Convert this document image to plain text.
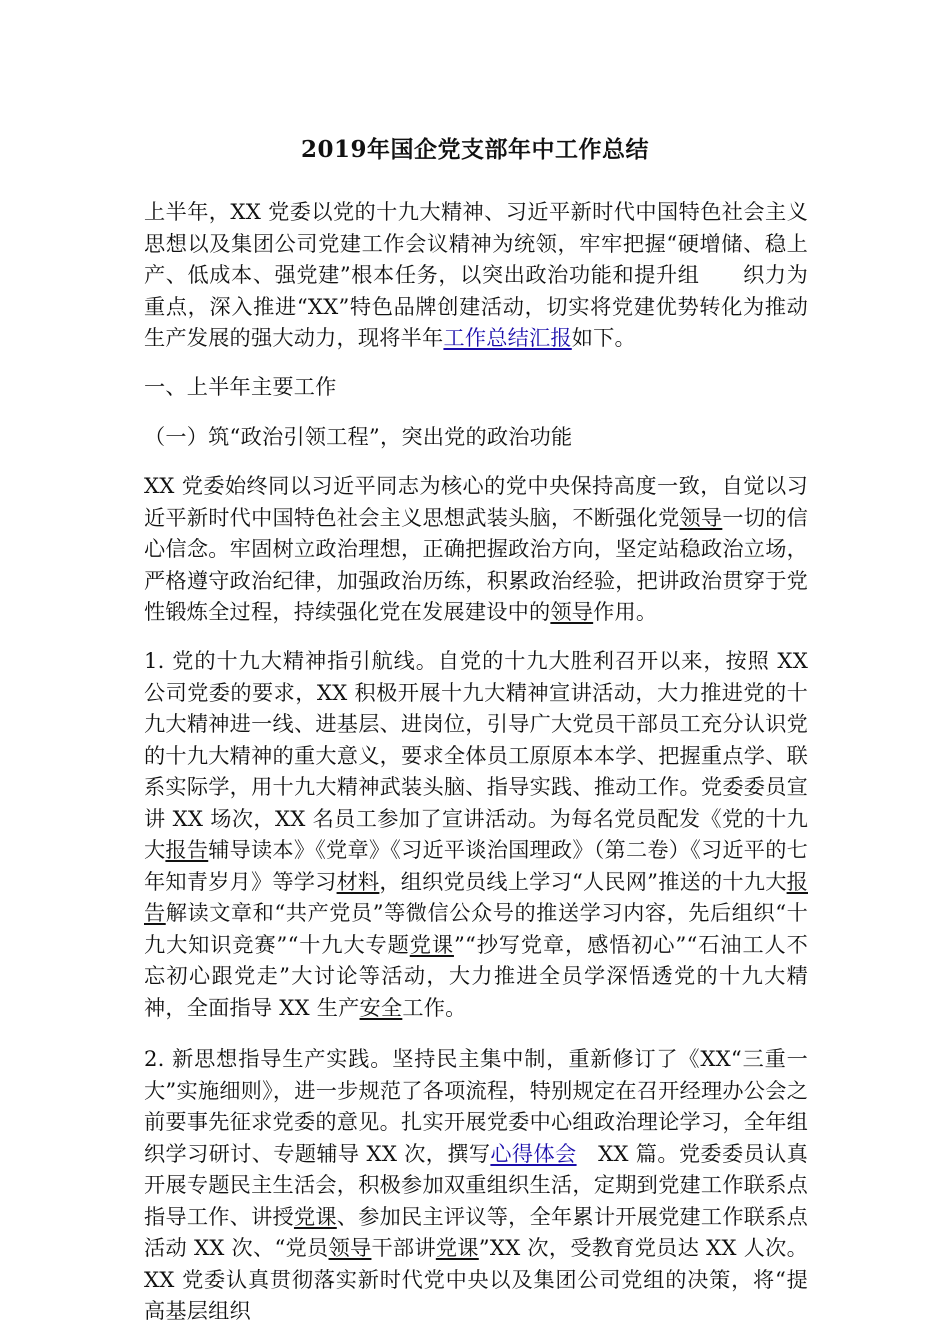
2019年国企党支部年中工作总结

上半年，XX 党委以党的十九大精神、习近平新时代中国特色社会主义思想以及集团公司党建工作会议精神为统领，牢牢把握“硬增储、稳上产、低成本、强党建”根本任务，以突出政治功能和提升组　　织力为重点，深入推进“XX”特色品牌创建活动，切实将党建优势转化为推动生产发展的强大动力，现将半年工作总结汇报如下。

一、上半年主要工作

（一）筑“政治引领工程”，突出党的政治功能

XX 党委始终同以习近平同志为核心的党中央保持高度一致，自觉以习近平新时代中国特色社会主义思想武装头脑，不断强化党领导一切的信心信念。牢固树立政治理想，正确把握政治方向，坚定站稳政治立场，严格遵守政治纪律，加强政治历练，积累政治经验，把讲政治贯穿于党性锻炼全过程，持续强化党在发展建设中的领导作用。

1. 党的十九大精神指引航线。自党的十九大胜利召开以来，按照 XX 公司党委的要求，XX 积极开展十九大精神宣讲活动，大力推进党的十九大精神进一线、进基层、进岗位，引导广大党员干部员工充分认识党的十九大精神的重大意义，要求全体员工原原本本学、把握重点学、联系实际学，用十九大精神武装头脑、指导实践、推动工作。党委委员宣讲 XX 场次，XX 名员工参加了宣讲活动。为每名党员配发《党的十九大报告辅导读本》《党章》《习近平谈治国理政》（第二卷）《习近平的七年知青岁月》等学习材料，组织党员线上学习“人民网”推送的十九大报告解读文章和“共产党员”等微信公众号的推送学习内容，先后组织“十九大知识竞赛”“十九大专题党课”“抄写党章，感悟初心”“石油工人不忘初心跟党走”大讨论等活动，大力推进全员学深悟透党的十九大精神，全面指导 XX 生产安全工作。

2. 新思想指导生产实践。坚持民主集中制，重新修订了《XX“三重一大”实施细则》，进一步规范了各项流程，特别规定在召开经理办公会之前要事先征求党委的意见。扎实开展党委中心组政治理论学习，全年组织学习研讨、专题辅导 XX 次，撰写心得体会　XX 篇。党委委员认真开展专题民主生活会，积极参加双重组织生活，定期到党建工作联系点指导工作、讲授党课、参加民主评议等，全年累计开展党建工作联系点活动 XX 次、“党员领导干部讲党课”XX 次，受教育党员达 XX 人次。XX 党委认真贯彻落实新时代党中央以及集团公司党组的决策，将“提高基层组织
